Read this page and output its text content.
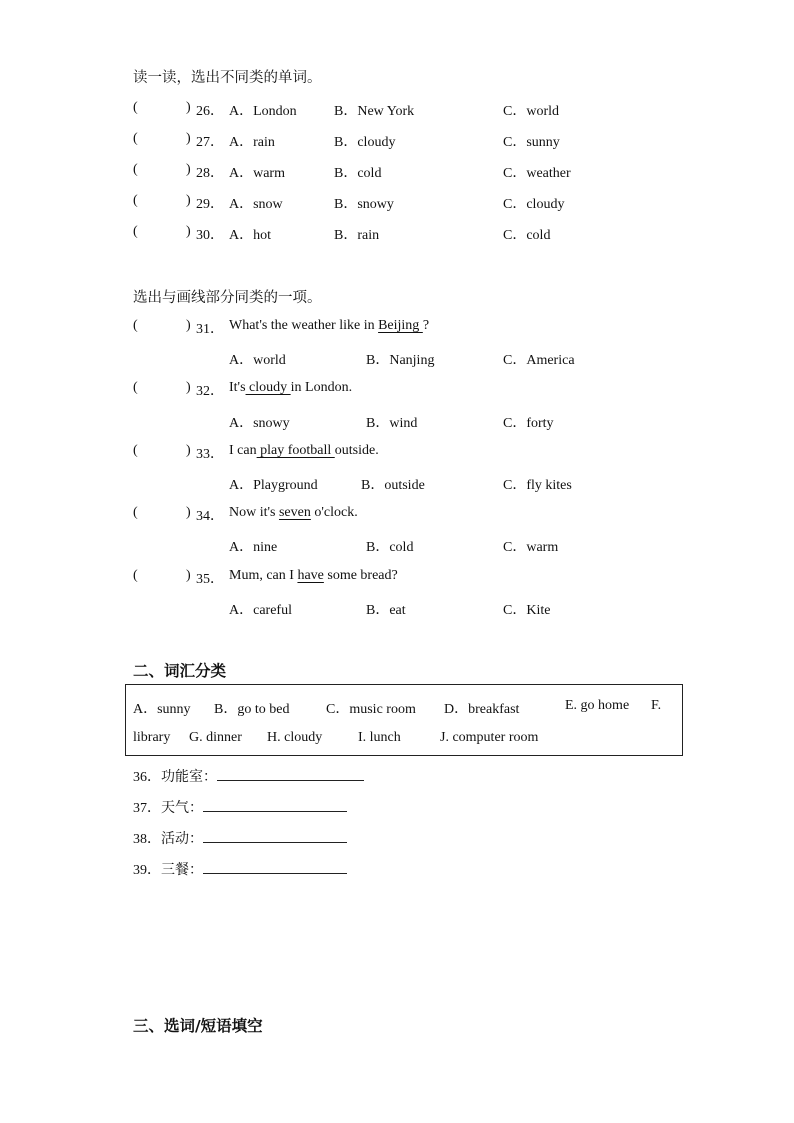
读一读，选出不同类的单词。
(	) 26． A．London	B．New York	C．world
(	) 27． A．rain	B．cloudy	C．sunny
(	) 28． A．warm	B．cold	C．weather
(	) 29． A．snow	B．snowy	C．cloudy
(	) 30． A．hot	B．rain	C．cold
选出与画线部分同类的一项。
(	) 31． What's the weather like in Beijing ?
A．world	B．Nanjing	C．America
(	) 32． It's cloudy in London.
A．snowy	B．wind	C．forty
(	) 33． I can play football outside.
A．Playground	B．outside	C．fly kites
(	) 34． Now it's seven o'clock.
A．nine	B．cold	C．warm
(	) 35． Mum, can I have some bread?
A．careful	B．eat	C．Kite
二、词汇分类
A．sunny B．go to bed	C．music room D．breakfast	E. go home F.
library G. dinner H. cloudy	I. lunch	J. computer room
36．功能室：
37．天气：
38．活动：
39．三餐：
三、选词/短语填空
